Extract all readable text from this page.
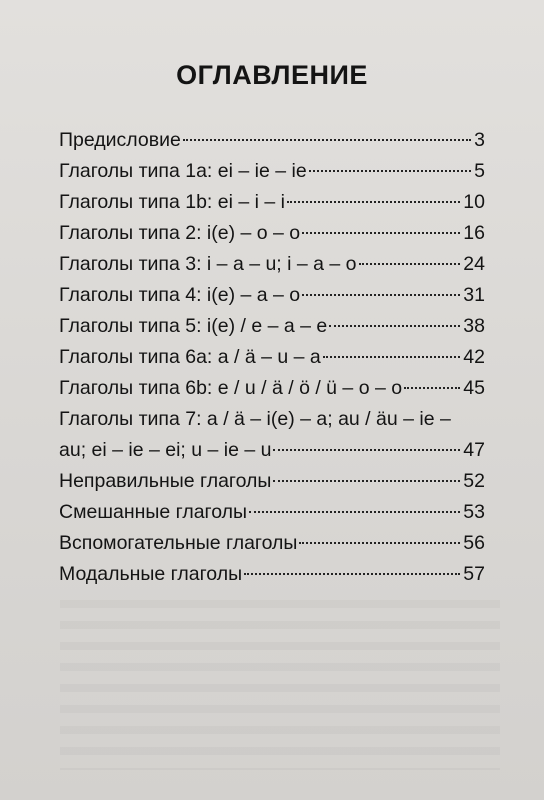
ОГЛАВЛЕНИЕ
Предисловие	3
Глаголы типа 1а: ei – ie – ie	5
Глаголы типа 1b: ei – i – i	10
Глаголы типа 2: i(e) – o – o	16
Глаголы типа 3: i – a – u; i – a – o	24
Глаголы типа 4: i(e) – a – o	31
Глаголы типа 5: i(e) / e – a – e	38
Глаголы типа 6а: a / ä – u – a	42
Глаголы типа 6b: e / u / ä / ö / ü – o – o	45
Глаголы типа 7: a / ä – i(e) – a; au / äu – ie –
au; ei – ie – ei; u – ie – u	47
Неправильные глаголы	52
Смешанные глаголы	53
Вспомогательные глаголы	56
Модальные глаголы	57
